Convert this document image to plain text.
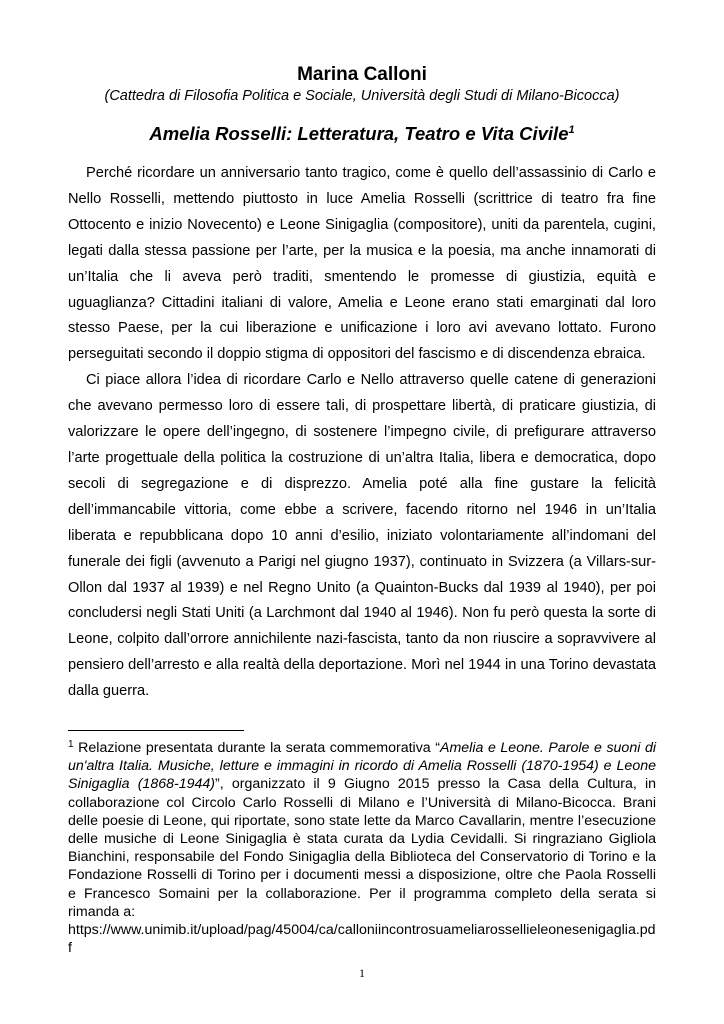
Marina Calloni
(Cattedra di Filosofia Politica e Sociale, Università degli Studi di Milano-Bicocca)
Amelia Rosselli: Letteratura, Teatro e Vita Civile$^1$

Perché ricordare un anniversario tanto tragico, come è quello dell’assassinio di Carlo e Nello Rosselli, mettendo piuttosto in luce Amelia Rosselli (scrittrice di teatro fra fine Ottocento e inizio Novecento) e Leone Sinigaglia (compositore), uniti da parentela, cugini, legati dalla stessa passione per l’arte, per la musica e la poesia, ma anche innamorati di un’Italia che li aveva però traditi, smentendo le promesse di giustizia, equità e uguaglianza? Cittadini italiani di valore, Amelia e Leone erano stati emarginati dal loro stesso Paese, per la cui liberazione e unificazione i loro avi avevano lottato. Furono perseguitati secondo il doppio stigma di oppositori del fascismo e di discendenza ebraica.

Ci piace allora l’idea di ricordare Carlo e Nello attraverso quelle catene di generazioni che avevano permesso loro di essere tali, di prospettare libertà, di praticare giustizia, di valorizzare le opere dell’ingegno, di sostenere l’impegno civile, di prefigurare attraverso l’arte progettuale della politica la costruzione di un’altra Italia, libera e democratica, dopo secoli di segregazione e di disprezzo. Amelia poté alla fine gustare la felicità dell’immancabile vittoria, come ebbe a scrivere, facendo ritorno nel 1946 in un’Italia liberata e repubblicana dopo 10 anni d’esilio, iniziato volontariamente all’indomani del funerale dei figli (avvenuto a Parigi nel giugno 1937), continuato in Svizzera (a Villars-sur-Ollon dal 1937 al 1939) e nel Regno Unito (a Quainton-Bucks dal 1939 al 1940), per poi concludersi negli Stati Uniti (a Larchmont dal 1940 al 1946). Non fu però questa la sorte di Leone, colpito dall’orrore annichilente nazi-fascista, tanto da non riuscire a sopravvivere al pensiero dell’arresto e alla realtà della deportazione. Morì nel 1944 in una Torino devastata dalla guerra.

$^1$ Relazione presentata durante la serata commemorativa “Amelia e Leone. Parole e suoni di un'altra Italia. Musiche, letture e immagini in ricordo di Amelia Rosselli (1870-1954) e Leone Sinigaglia (1868-1944)”, organizzato il 9 Giugno 2015 presso la Casa della Cultura, in collaborazione col Circolo Carlo Rosselli di Milano e l’Università di Milano-Bicocca. Brani delle poesie di Leone, qui riportate, sono state lette da Marco Cavallarin, mentre l’esecuzione delle musiche di Leone Sinigaglia è stata curata da Lydia Cevidalli. Si ringraziano Gigliola Bianchini, responsabile del Fondo Sinigaglia della Biblioteca del Conservatorio di Torino e la Fondazione Rosselli di Torino per i documenti messi a disposizione, oltre che Paola Rosselli e Francesco Somaini per la collaborazione. Per il programma completo della serata si rimanda a:
https://www.unimib.it/upload/pag/45004/ca/calloniincontrosuameliarossellieleonesenigaglia.pdf
1
